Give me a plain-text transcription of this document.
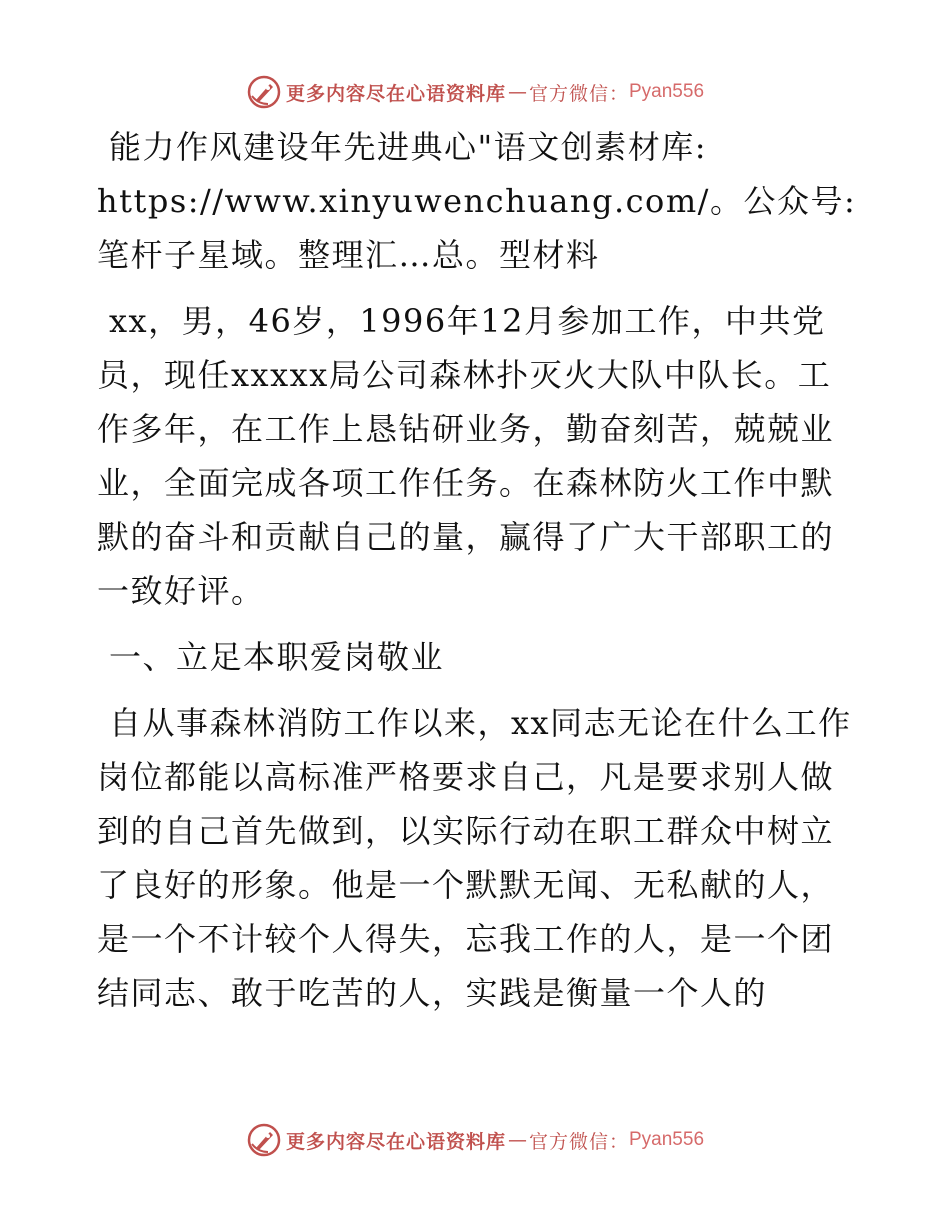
更多内容尽在心语资料库 — 官方微信： Pyan556

能力作风建设年先进典心"语文创素材库: https://www.xinyuwenchuang.com/。公众号: 笔杆子星域。整理汇…总。型材料

xx，男，46岁，1996年12月参加工作，中共党员，现任xxxxx局公司森林扑灭火大队中队长。工作多年，在工作上恳钻研业务，勤奋刻苦，兢兢业业，全面完成各项工作任务。在森林防火工作中默默的奋斗和贡献自己的量，赢得了广大干部职工的一致好评。

一、立足本职爱岗敬业

自从事森林消防工作以来，xx同志无论在什么工作岗位都能以高标准严格要求自己，凡是要求别人做到的自己首先做到，以实际行动在职工群众中树立了良好的形象。他是一个默默无闻、无私献的人，是一个不计较个人得失，忘我工作的人，是一个团结同志、敢于吃苦的人，实践是衡量一个人的

更多内容尽在心语资料库 — 官方微信： Pyan556
